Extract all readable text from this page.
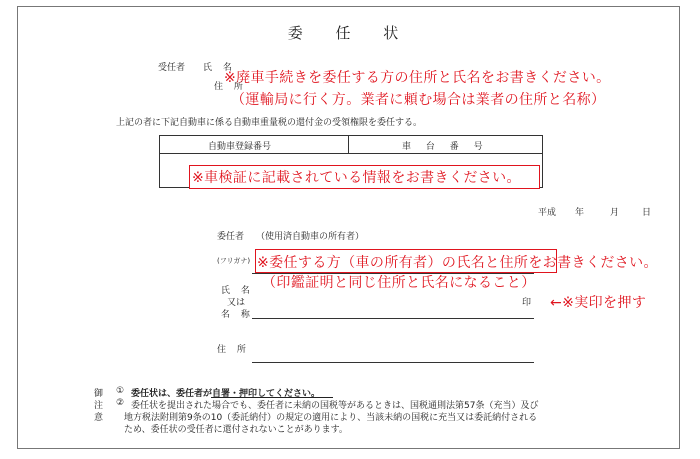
委 任 状
受任者 氏 名
住 所
※廃車手続きを委任する方の住所と氏名をお書きください。
（運輸局に行く方。業者に頼む場合は業者の住所と名称）
上記の者に下記自動車に係る自動車重量税の還付金の受領権限を委任する。
自動車登録番号	車 台 番 号
※車検証に記載されている情報をお書きください。
平成 年	月	日
委任者 （使用済自動車の所有者）
(フリガナ) ※委任する方（車の所有者）の氏名と住所をお書きください。
（印鑑証明と同じ住所と氏名になること）
氏 名
又は
名 称
印 ←※実印を押す
住 所
御
注
意
① 委任状は、委任者が自署・押印してください。
② 委任状を提出された場合でも、委任者に未納の国税等があるときは、国税通則法第57条（充当）及び
地方税法附則第9条の10（委託納付）の規定の適用により、当該未納の国税に充当又は委託納付される
ため、委任状の受任者に還付されないことがあります。
